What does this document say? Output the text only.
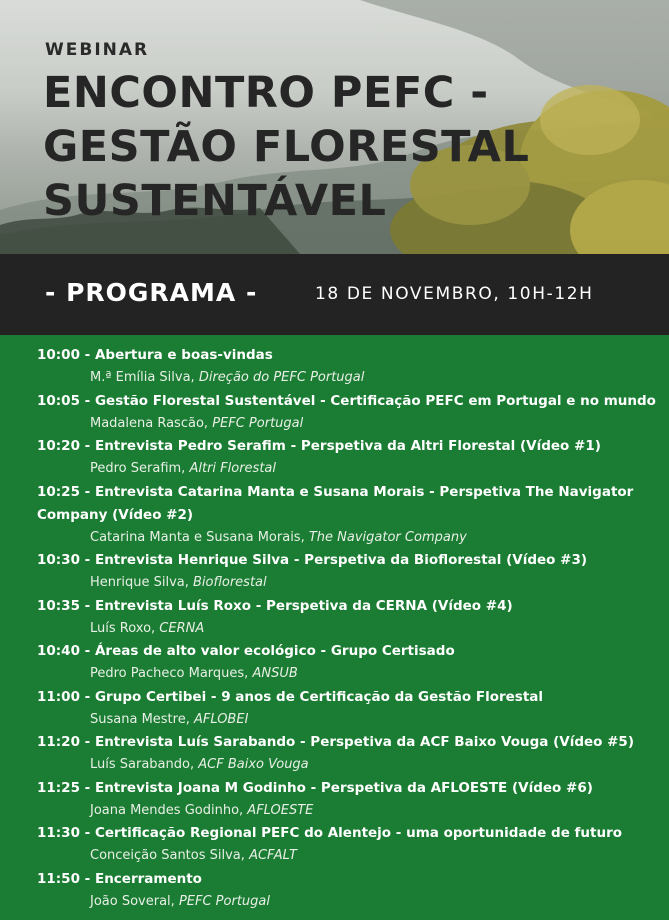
WEBINAR
ENCONTRO PEFC -
GESTÃO FLORESTAL
SUSTENTÁVEL
- PROGRAMA -	18 DE NOVEMBRO, 10H-12H
10:00 - Abertura e boas-vindas
M.ª Emília Silva, Direção do PEFC Portugal
10:05 - Gestão Florestal Sustentável - Certificação PEFC em Portugal e no mundo
Madalena Rascão, PEFC Portugal
10:20 - Entrevista Pedro Serafim - Perspetiva da Altri Florestal (Vídeo #1)
Pedro Serafim, Altri Florestal
10:25 - Entrevista Catarina Manta e Susana Morais - Perspetiva The Navigator Company (Vídeo #2)
Catarina Manta e Susana Morais, The Navigator Company
10:30 - Entrevista Henrique Silva - Perspetiva da Bioflorestal (Vídeo #3)
Henrique Silva, Bioflorestal
10:35 - Entrevista Luís Roxo - Perspetiva da CERNA (Vídeo #4)
Luís Roxo, CERNA
10:40 - Áreas de alto valor ecológico - Grupo Certisado
Pedro Pacheco Marques, ANSUB
11:00 - Grupo Certibei - 9 anos de Certificação da Gestão Florestal
Susana Mestre, AFLOBEI
11:20 - Entrevista Luís Sarabando - Perspetiva da ACF Baixo Vouga (Vídeo #5)
Luís Sarabando, ACF Baixo Vouga
11:25 - Entrevista Joana M Godinho - Perspetiva da AFLOESTE (Vídeo #6)
Joana Mendes Godinho, AFLOESTE
11:30 - Certificação Regional PEFC do Alentejo - uma oportunidade de futuro
Conceição Santos Silva, ACFALT
11:50 - Encerramento
João Soveral, PEFC Portugal
